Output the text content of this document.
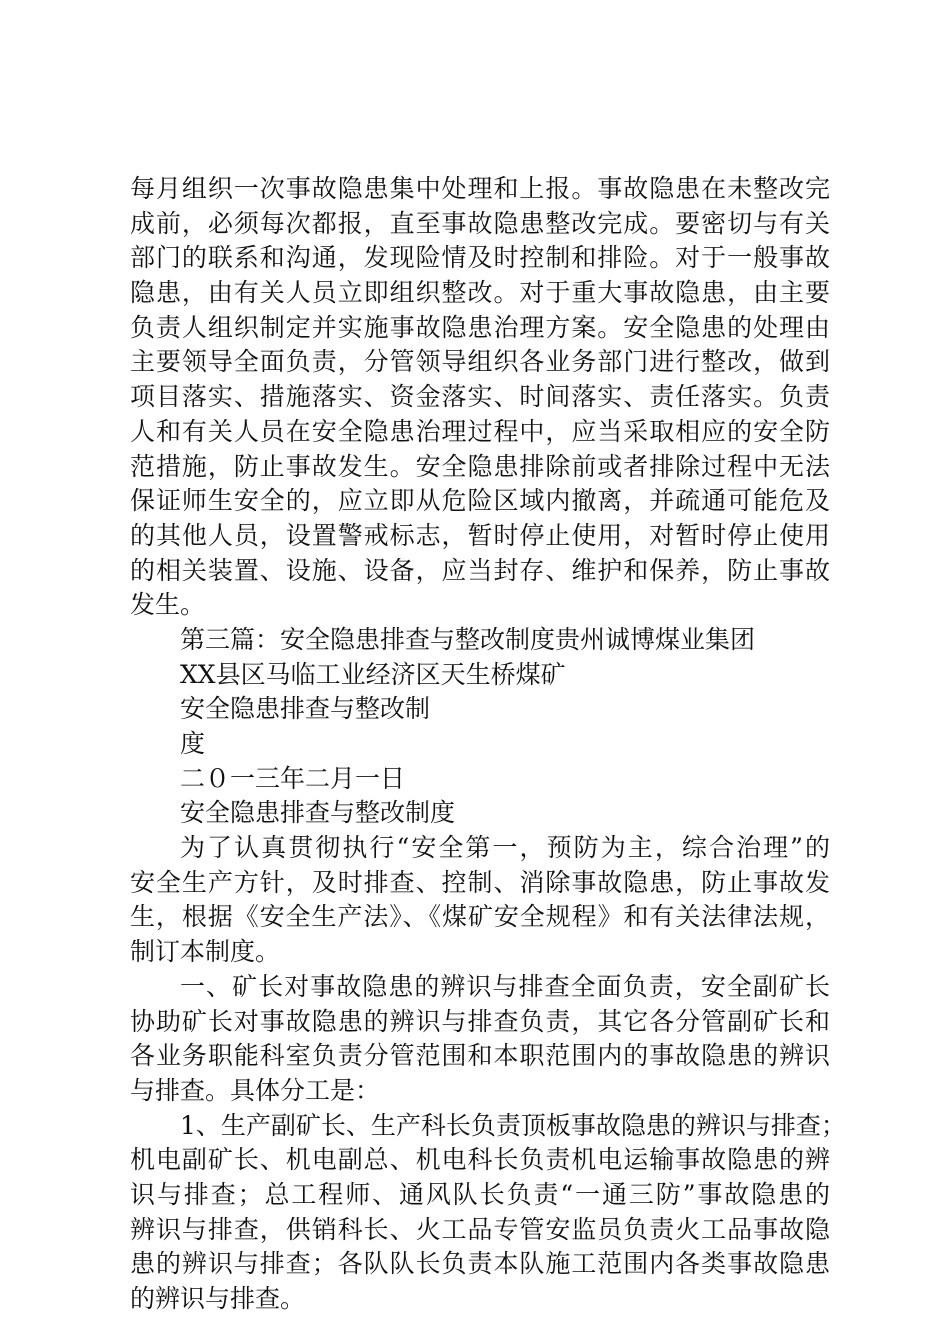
每月组织一次事故隐患集中处理和上报。事故隐患在未整改完
成前，必须每次都报，直至事故隐患整改完成。要密切与有关
部门的联系和沟通，发现险情及时控制和排险。对于一般事故
隐患，由有关人员立即组织整改。对于重大事故隐患，由主要
负责人组织制定并实施事故隐患治理方案。安全隐患的处理由
主要领导全面负责，分管领导组织各业务部门进行整改，做到
项目落实、措施落实、资金落实、时间落实、责任落实。负责
人和有关人员在安全隐患治理过程中，应当采取相应的安全防
范措施，防止事故发生。安全隐患排除前或者排除过程中无法
保证师生安全的，应立即从危险区域内撤离，并疏通可能危及
的其他人员，设置警戒标志，暂时停止使用，对暂时停止使用
的相关装置、设施、设备，应当封存、维护和保养，防止事故
发生。
第三篇：安全隐患排查与整改制度贵州诚博煤业集团
XX县区马临工业经济区天生桥煤矿
安全隐患排查与整改制
度
二０一三年二月一日
安全隐患排查与整改制度
为了认真贯彻执行“安全第一，预防为主，综合治理”的
安全生产方针，及时排查、控制、消除事故隐患，防止事故发
生，根据《安全生产法》、《煤矿安全规程》和有关法律法规，
制订本制度。
一、矿长对事故隐患的辨识与排查全面负责，安全副矿长
协助矿长对事故隐患的辨识与排查负责，其它各分管副矿长和
各业务职能科室负责分管范围和本职范围内的事故隐患的辨识
与排查。具体分工是：
1、生产副矿长、生产科长负责顶板事故隐患的辨识与排查；
机电副矿长、机电副总、机电科长负责机电运输事故隐患的辨
识与排查；总工程师、通风队长负责“一通三防”事故隐患的
辨识与排查，供销科长、火工品专管安监员负责火工品事故隐
患的辨识与排查；各队队长负责本队施工范围内各类事故隐患
的辨识与排查。
